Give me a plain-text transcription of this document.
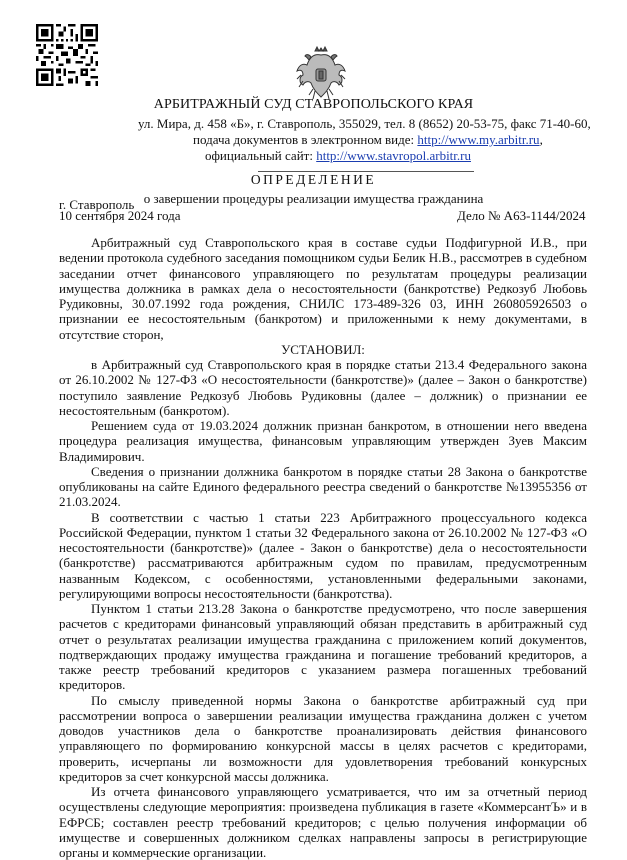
АРБИТРАЖНЫЙ СУД СТАВРОПОЛЬСКОГО КРАЯ
ул. Мира, д. 458 «Б», г. Ставрополь, 355029, тел. 8 (8652) 20-53-75, факс 71-40-60,
подача документов в электронном виде: http://www.my.arbitr.ru,
официальный сайт: http://www.stavropol.arbitr.ru
ОПРЕДЕЛЕНИЕ
о завершении процедуры реализации имущества гражданина
г. Ставрополь
10 сентября 2024 года	Дело № А63-1144/2024

Арбитражный суд Ставропольского края в составе судьи Подфигурной И.В., при ведении протокола судебного заседания помощником судьи Белик Н.В., рассмотрев в судебном заседании отчет финансового управляющего по результатам процедуры реализации имущества должника в рамках дела о несостоятельности (банкротстве) Редкозуб Любовь Рудиковны, 30.07.1992 года рождения, СНИЛС 173-489-326 03, ИНН 260805926503 о признании ее несостоятельным (банкротом) и приложенными к нему документами, в отсутствие сторон,

УСТАНОВИЛ:

в Арбитражный суд Ставропольского края в порядке статьи 213.4 Федерального закона от 26.10.2002 № 127-ФЗ «О несостоятельности (банкротстве)» (далее – Закон о банкротстве) поступило заявление Редкозуб Любовь Рудиковны (далее – должник) о признании ее несостоятельным (банкротом).

Решением суда от 19.03.2024 должник признан банкротом, в отношении него введена процедура реализация имущества, финансовым управляющим утвержден Зуев Максим Владимирович.

Сведения о признании должника банкротом в порядке статьи 28 Закона о банкротстве опубликованы на сайте Единого федерального реестра сведений о банкротстве №13955356 от 21.03.2024.

В соответствии с частью 1 статьи 223 Арбитражного процессуального кодекса Российской Федерации, пунктом 1 статьи 32 Федерального закона от 26.10.2002 № 127-ФЗ «О несостоятельности (банкротстве)» (далее - Закон о банкротстве) дела о несостоятельности (банкротстве) рассматриваются арбитражным судом по правилам, предусмотренным названным Кодексом, с особенностями, установленными федеральными законами, регулирующими вопросы несостоятельности (банкротства).

Пунктом 1 статьи 213.28 Закона о банкротстве предусмотрено, что после завершения расчетов с кредиторами финансовый управляющий обязан представить в арбитражный суд отчет о результатах реализации имущества гражданина с приложением копий документов, подтверждающих продажу имущества гражданина и погашение требований кредиторов, а также реестр требований кредиторов с указанием размера погашенных требований кредиторов.

По смыслу приведенной нормы Закона о банкротстве арбитражный суд при рассмотрении вопроса о завершении реализации имущества гражданина должен с учетом доводов участников дела о банкротстве проанализировать действия финансового управляющего по формированию конкурсной массы в целях расчетов с кредиторами, проверить, исчерпаны ли возможности для удовлетворения требований конкурсных кредиторов за счет конкурсной массы должника.

Из отчета финансового управляющего усматривается, что им за отчетный период осуществлены следующие мероприятия: произведена публикация в газете «КоммерсантЪ» и в ЕФРСБ; составлен реестр требований кредиторов; с целью получения информации об имуществе и совершенных должником сделках направлены запросы в регистрирующие органы и коммерческие организации.
